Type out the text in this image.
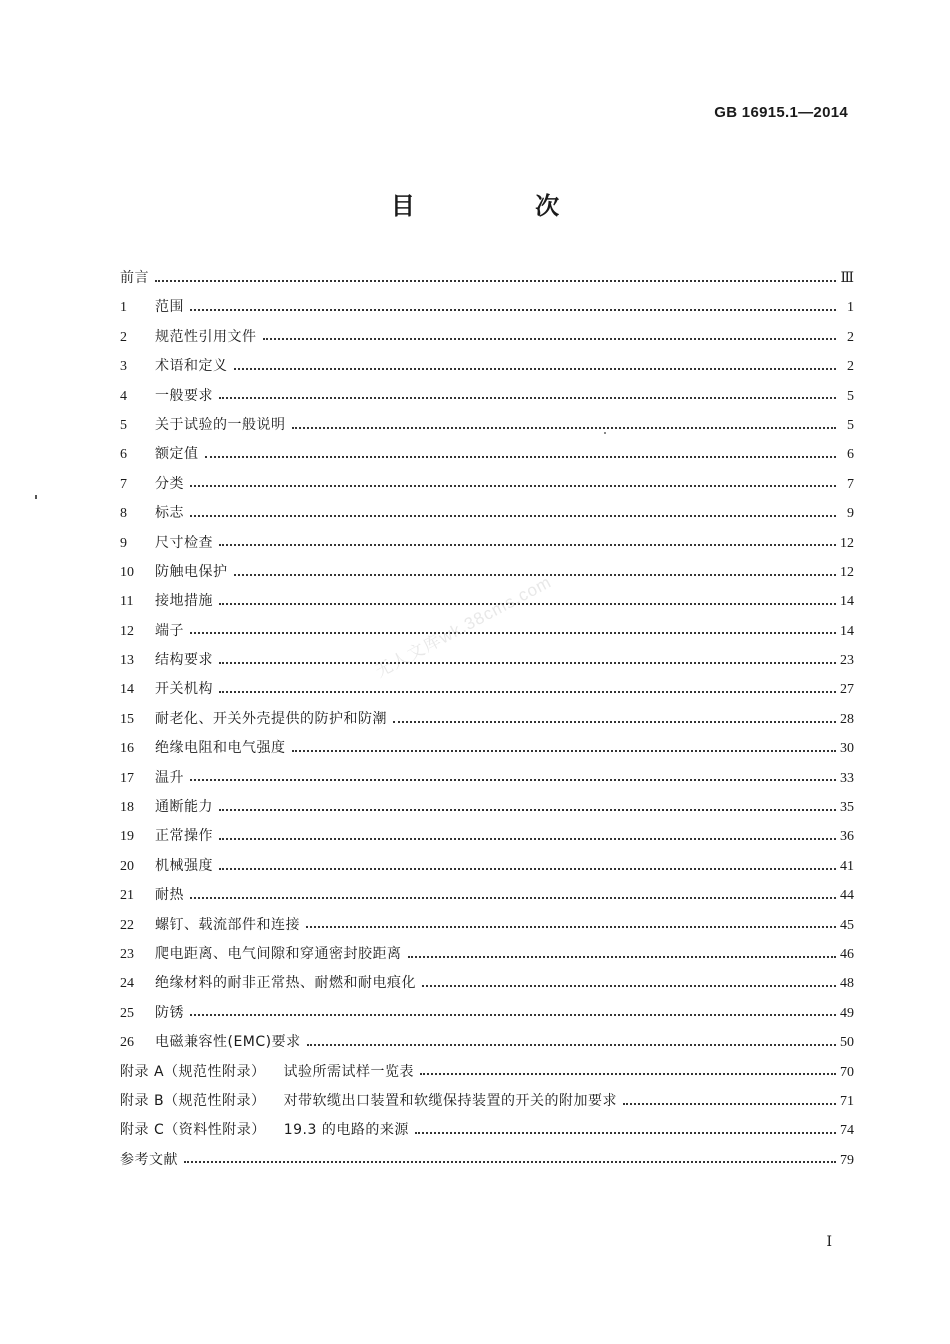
GB 16915.1—2014
目 次
前言	Ⅲ
1	范围	1
2	规范性引用文件	2
3	术语和定义	2
4	一般要求	5
5	关于试验的一般说明	5
6	额定值	6
7	分类	7
8	标志	9
9	尺寸检查	12
10	防触电保护	12
11	接地措施	14
12	端子	14
13	结构要求	23
14	开关机构	27
15	耐老化、开关外壳提供的防护和防潮	28
16	绝缘电阻和电气强度	30
17	温升	33
18	通断能力	35
19	正常操作	36
20	机械强度	41
21	耐热	44
22	螺钉、载流部件和连接	45
23	爬电距离、电气间隙和穿通密封胶距离	46
24	绝缘材料的耐非正常热、耐燃和耐电痕化	48
25	防锈	49
26	电磁兼容性(EMC)要求	50
附录 A（规范性附录） 试验所需试样一览表	70
附录 B（规范性附录） 对带软缆出口装置和软缆保持装置的开关的附加要求	71
附录 C（资料性附录） 19.3 的电路的来源	74
参考文献	79
Ⅰ
无人文库wk.38cms.com
